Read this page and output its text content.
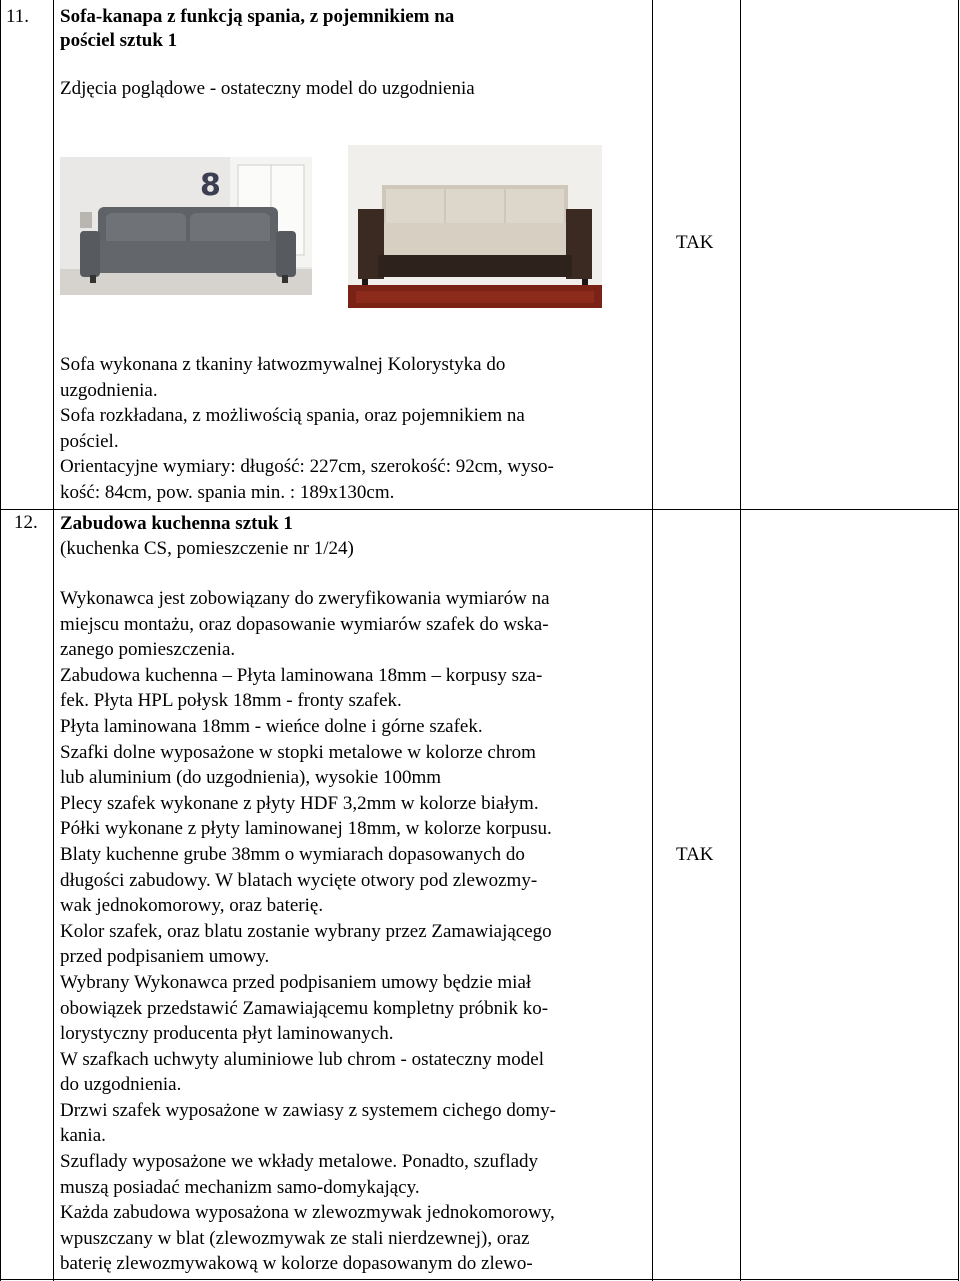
11. Sofa-kanapa z funkcją spania, z pojemnikiem na
pościel sztuk 1
Zdjęcia poglądowe - ostateczny model do uzgodnienia
8
Sofa wykonana z tkaniny łatwozmywalnej Kolorystyka do
uzgodnienia.
Sofa rozkładana, z możliwością spania, oraz pojemnikiem na
pościel.
Orientacyjne wymiary: długość: 227cm, szerokość: 92cm, wyso-
kość: 84cm, pow. spania min. : 189x130cm.
TAK
12. Zabudowa kuchenna sztuk 1
(kuchenka CS, pomieszczenie nr 1/24)
Wykonawca jest zobowiązany do zweryfikowania wymiarów na
miejscu montażu, oraz dopasowanie wymiarów szafek do wska-
zanego pomieszczenia.
Zabudowa kuchenna – Płyta laminowana 18mm – korpusy sza-
fek. Płyta HPL połysk 18mm - fronty szafek.
Płyta laminowana 18mm - wieńce dolne i górne szafek.
Szafki dolne wyposażone w stopki metalowe w kolorze chrom
lub aluminium (do uzgodnienia), wysokie 100mm
Plecy szafek wykonane z płyty HDF 3,2mm w kolorze białym.
Półki wykonane z płyty laminowanej 18mm, w kolorze korpusu.
Blaty kuchenne grube 38mm o wymiarach dopasowanych do
długości zabudowy. W blatach wycięte otwory pod zlewozmy-
wak jednokomorowy, oraz baterię.
Kolor szafek, oraz blatu zostanie wybrany przez Zamawiającego
przed podpisaniem umowy.
Wybrany Wykonawca przed podpisaniem umowy będzie miał
obowiązek przedstawić Zamawiającemu kompletny próbnik ko-
lorystyczny producenta płyt laminowanych.
W szafkach uchwyty aluminiowe lub chrom - ostateczny model
do uzgodnienia.
Drzwi szafek wyposażone w zawiasy z systemem cichego domy-
kania.
Szuflady wyposażone we wkłady metalowe. Ponadto, szuflady
muszą posiadać mechanizm samo-domykający.
Każda zabudowa wyposażona w zlewozmywak jednokomorowy,
wpuszczany w blat (zlewozmywak ze stali nierdzewnej), oraz
baterię zlewozmywakową w kolorze dopasowanym do zlewo-
TAK
